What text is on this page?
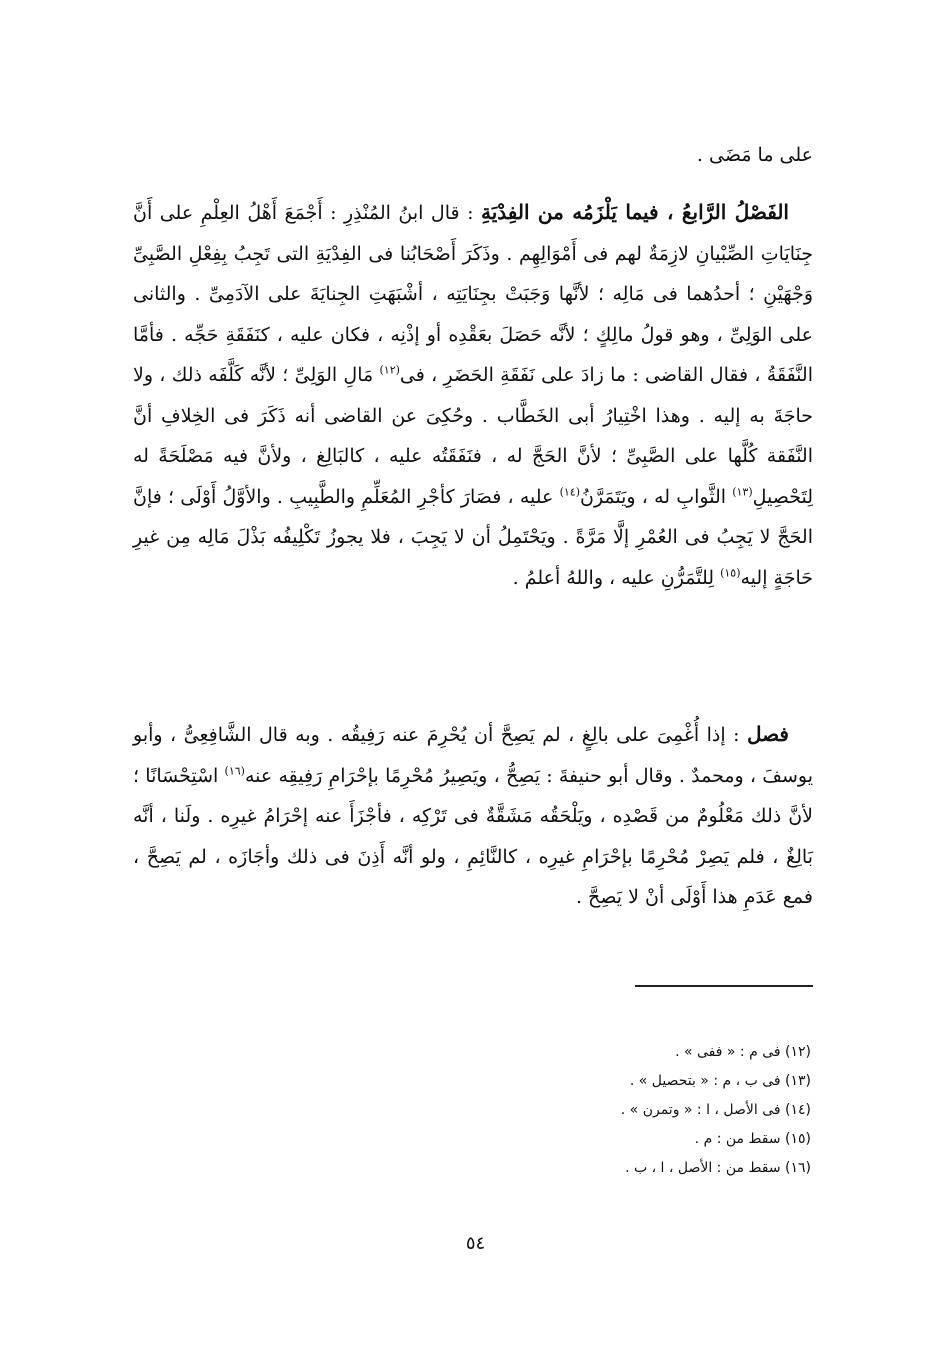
على ما مَضَى .
الفَصْلُ الرَّابعُ ، فيما يَلْزَمُه من الفِدْيَةِ : قال ابنُ المُنْذِرِ : أَجْمَعَ أَهْلُ العِلْمِ على أَنَّ جِنَايَاتِ الصِّبْيانِ لازِمَةٌ لهم فى أَمْوَالِهِم . وذَكَرَ أَصْحَابُنا فى الفِدْيَةِ التى تَجِبُ بِفِعْلِ الصَّبِىِّ وَجْهَيْنِ ؛ أحدُهما فى مَالِه ؛ لأنَّها وَجَبَتْ بجِنَايَتِه ، أشْبَهَتِ الجِنايَةَ على الآدَمِىِّ . والثانى على الوَلِىِّ ، وهو قولُ مالِكٍ ؛ لأنَّه حَصَلَ بعَقْدِه أو إذْنِه ، فكان عليه ، كنَفَقَةِ حَجِّه . فأمَّا النَّفَقَةُ ، فقال القاضى : ما زادَ على نَفَقَةِ الحَضَرِ ، فى$^{(١٢)}$ مَالِ الوَلِىِّ ؛ لأنَّه كَلَّفَه ذلك ، ولا حاجَةَ به إليه . وهذا اخْتِيارُ أبى الخَطَّاب . وحُكِىَ عن القاضى أنه ذَكَرَ فى الخِلافِ أنَّ النَّفَقة كُلَّها على الصَّبِىِّ ؛ لأنَّ الحَجَّ له ، فنَفَقَتُه عليه ، كالبَالِغ ، ولأنَّ فيه مَصْلَحَةً له لِتَحْصِيلِ$^{(١٣)}$ الثَّوابِ له ، ويَتَمَرَّنُ$^{(١٤)}$ عليه ، فصَارَ كأجْرِ المُعَلِّمِ والطَّبِيبِ . والأوَّلُ أَوْلَى ؛ فإنَّ الحَجَّ لا يَجِبُ فى العُمْرِ إلَّا مَرَّةً . ويَحْتَمِلُ أن لا يَجِبَ ، فلا يجوزُ تَكْلِيفُه بَذْلَ مَالِه مِن غيرِ حَاجَةٍ إليه$^{(١٥)}$ لِلتَّمَرُّنِ عليه ، واللهُ أعلمُ .
فصل : إذا أُغْمِىَ على بالِغٍ ، لم يَصِحَّ أن يُحْرِمَ عنه رَفِيقُه . وبه قال الشَّافِعِىُّ ، وأبو يوسفَ ، ومحمدٌ . وقال أبو حنيفةَ : يَصِحُّ ، ويَصِيرُ مُحْرِمًا بإحْرَامِ رَفِيقِه عنه$^{(١٦)}$ اسْتِحْسَانًا ؛ لأنَّ ذلك مَعْلُومٌ من قَصْدِه ، ويَلْحَقُه مَشَقَّةٌ فى تَرْكِه ، فأجْزَأَ عنه إحْرَامُ غيرِه . ولَنا ، أنَّه بَالِغٌ ، فلم يَصِرْ مُحْرِمًا بإحْرَامِ غيرِه ، كالنَّائِمِ ، ولو أنَّه أَذِنَ فى ذلك وأجَازَه ، لم يَصِحَّ ، فمع عَدَمِ هذا أَوْلَى أنْ لا يَصِحَّ .
(١٢) فى م : « ففى » .
(١٣) فى ب ، م : « بتحصيل » .
(١٤) فى الأصل ، ا : « وتمرن » .
(١٥) سقط من : م .
(١٦) سقط من : الأصل ، ا ، ب .
٥٤
